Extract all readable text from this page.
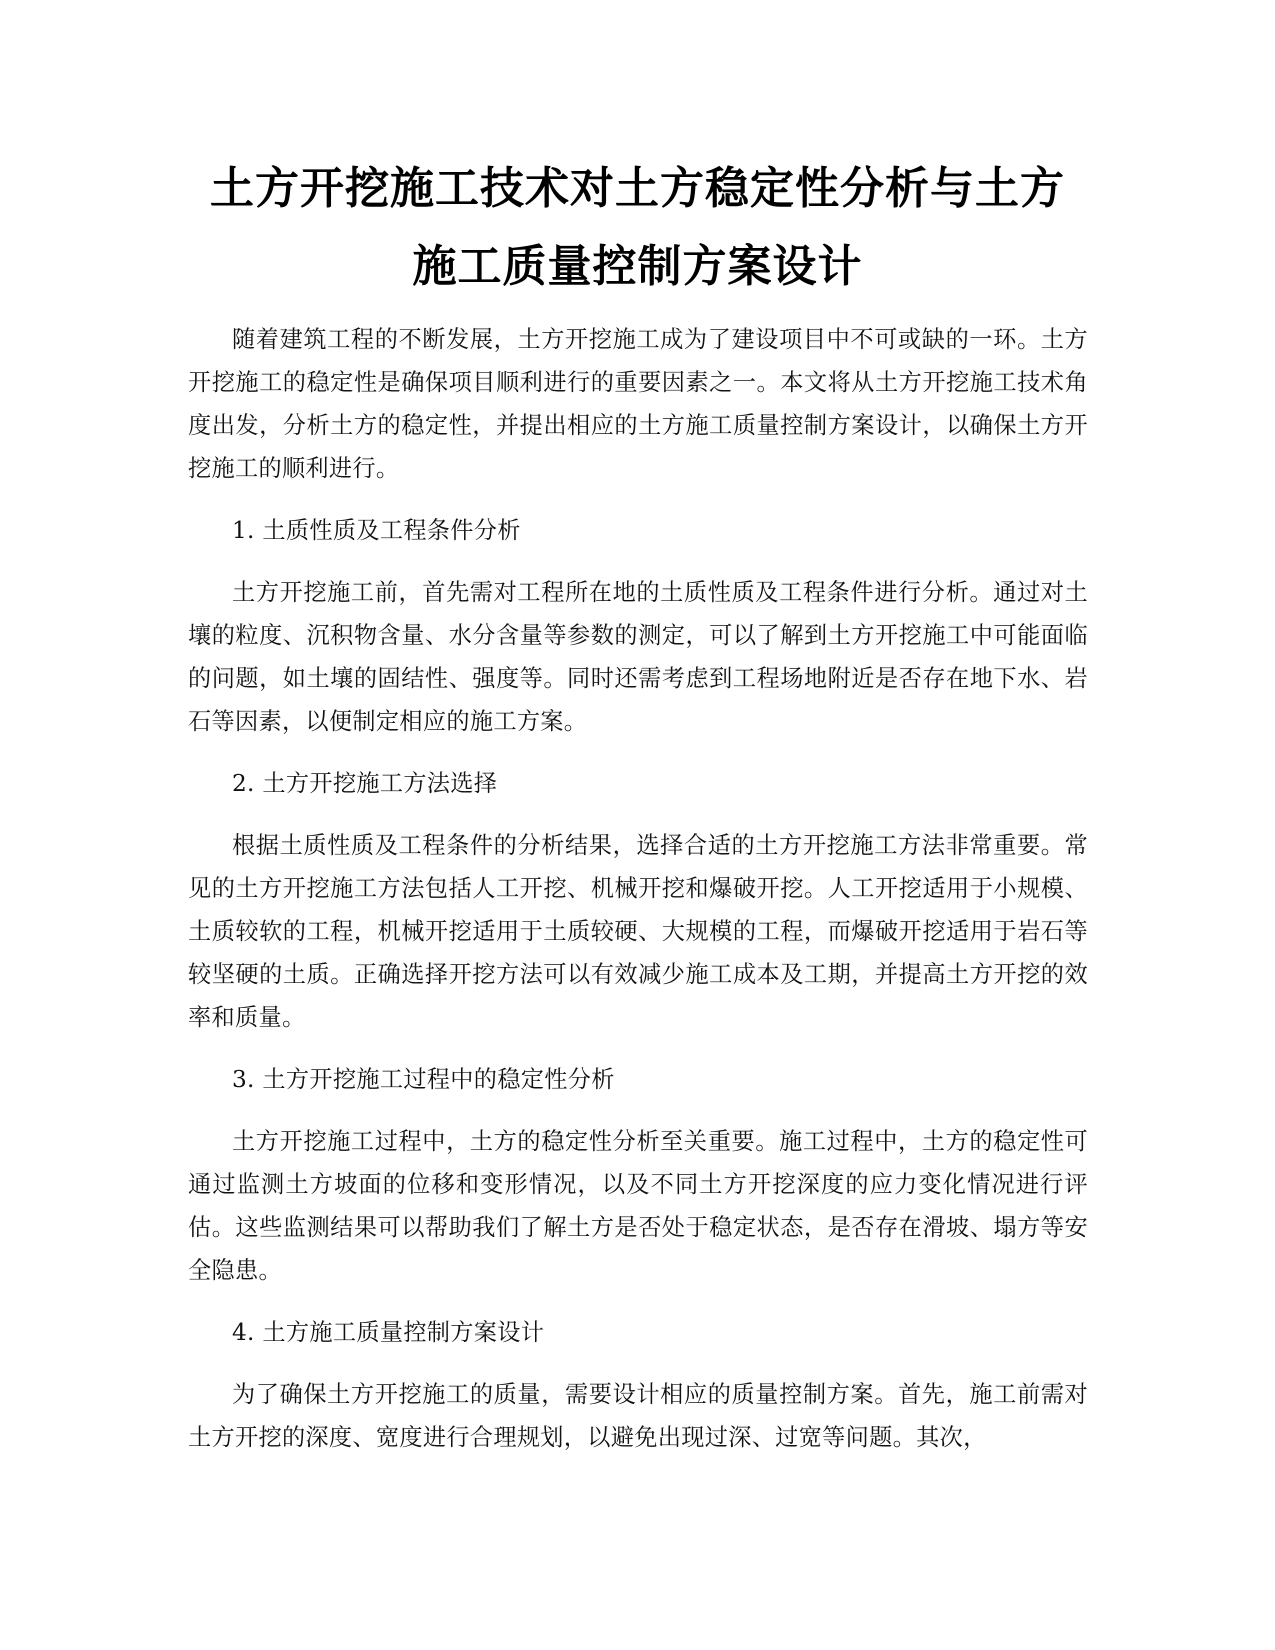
土方开挖施工技术对土方稳定性分析与土方
施工质量控制方案设计

随着建筑工程的不断发展，土方开挖施工成为了建设项目中不可或缺的一环。土方开挖施工的稳定性是确保项目顺利进行的重要因素之一。本文将从土方开挖施工技术角度出发，分析土方的稳定性，并提出相应的土方施工质量控制方案设计，以确保土方开挖施工的顺利进行。

1. 土质性质及工程条件分析

土方开挖施工前，首先需对工程所在地的土质性质及工程条件进行分析。通过对土壤的粒度、沉积物含量、水分含量等参数的测定，可以了解到土方开挖施工中可能面临的问题，如土壤的固结性、强度等。同时还需考虑到工程场地附近是否存在地下水、岩石等因素，以便制定相应的施工方案。

2. 土方开挖施工方法选择

根据土质性质及工程条件的分析结果，选择合适的土方开挖施工方法非常重要。常见的土方开挖施工方法包括人工开挖、机械开挖和爆破开挖。人工开挖适用于小规模、土质较软的工程，机械开挖适用于土质较硬、大规模的工程，而爆破开挖适用于岩石等较坚硬的土质。正确选择开挖方法可以有效减少施工成本及工期，并提高土方开挖的效率和质量。

3. 土方开挖施工过程中的稳定性分析

土方开挖施工过程中，土方的稳定性分析至关重要。施工过程中，土方的稳定性可通过监测土方坡面的位移和变形情况，以及不同土方开挖深度的应力变化情况进行评估。这些监测结果可以帮助我们了解土方是否处于稳定状态，是否存在滑坡、塌方等安全隐患。

4. 土方施工质量控制方案设计

为了确保土方开挖施工的质量，需要设计相应的质量控制方案。首先，施工前需对土方开挖的深度、宽度进行合理规划，以避免出现过深、过宽等问题。其次，
